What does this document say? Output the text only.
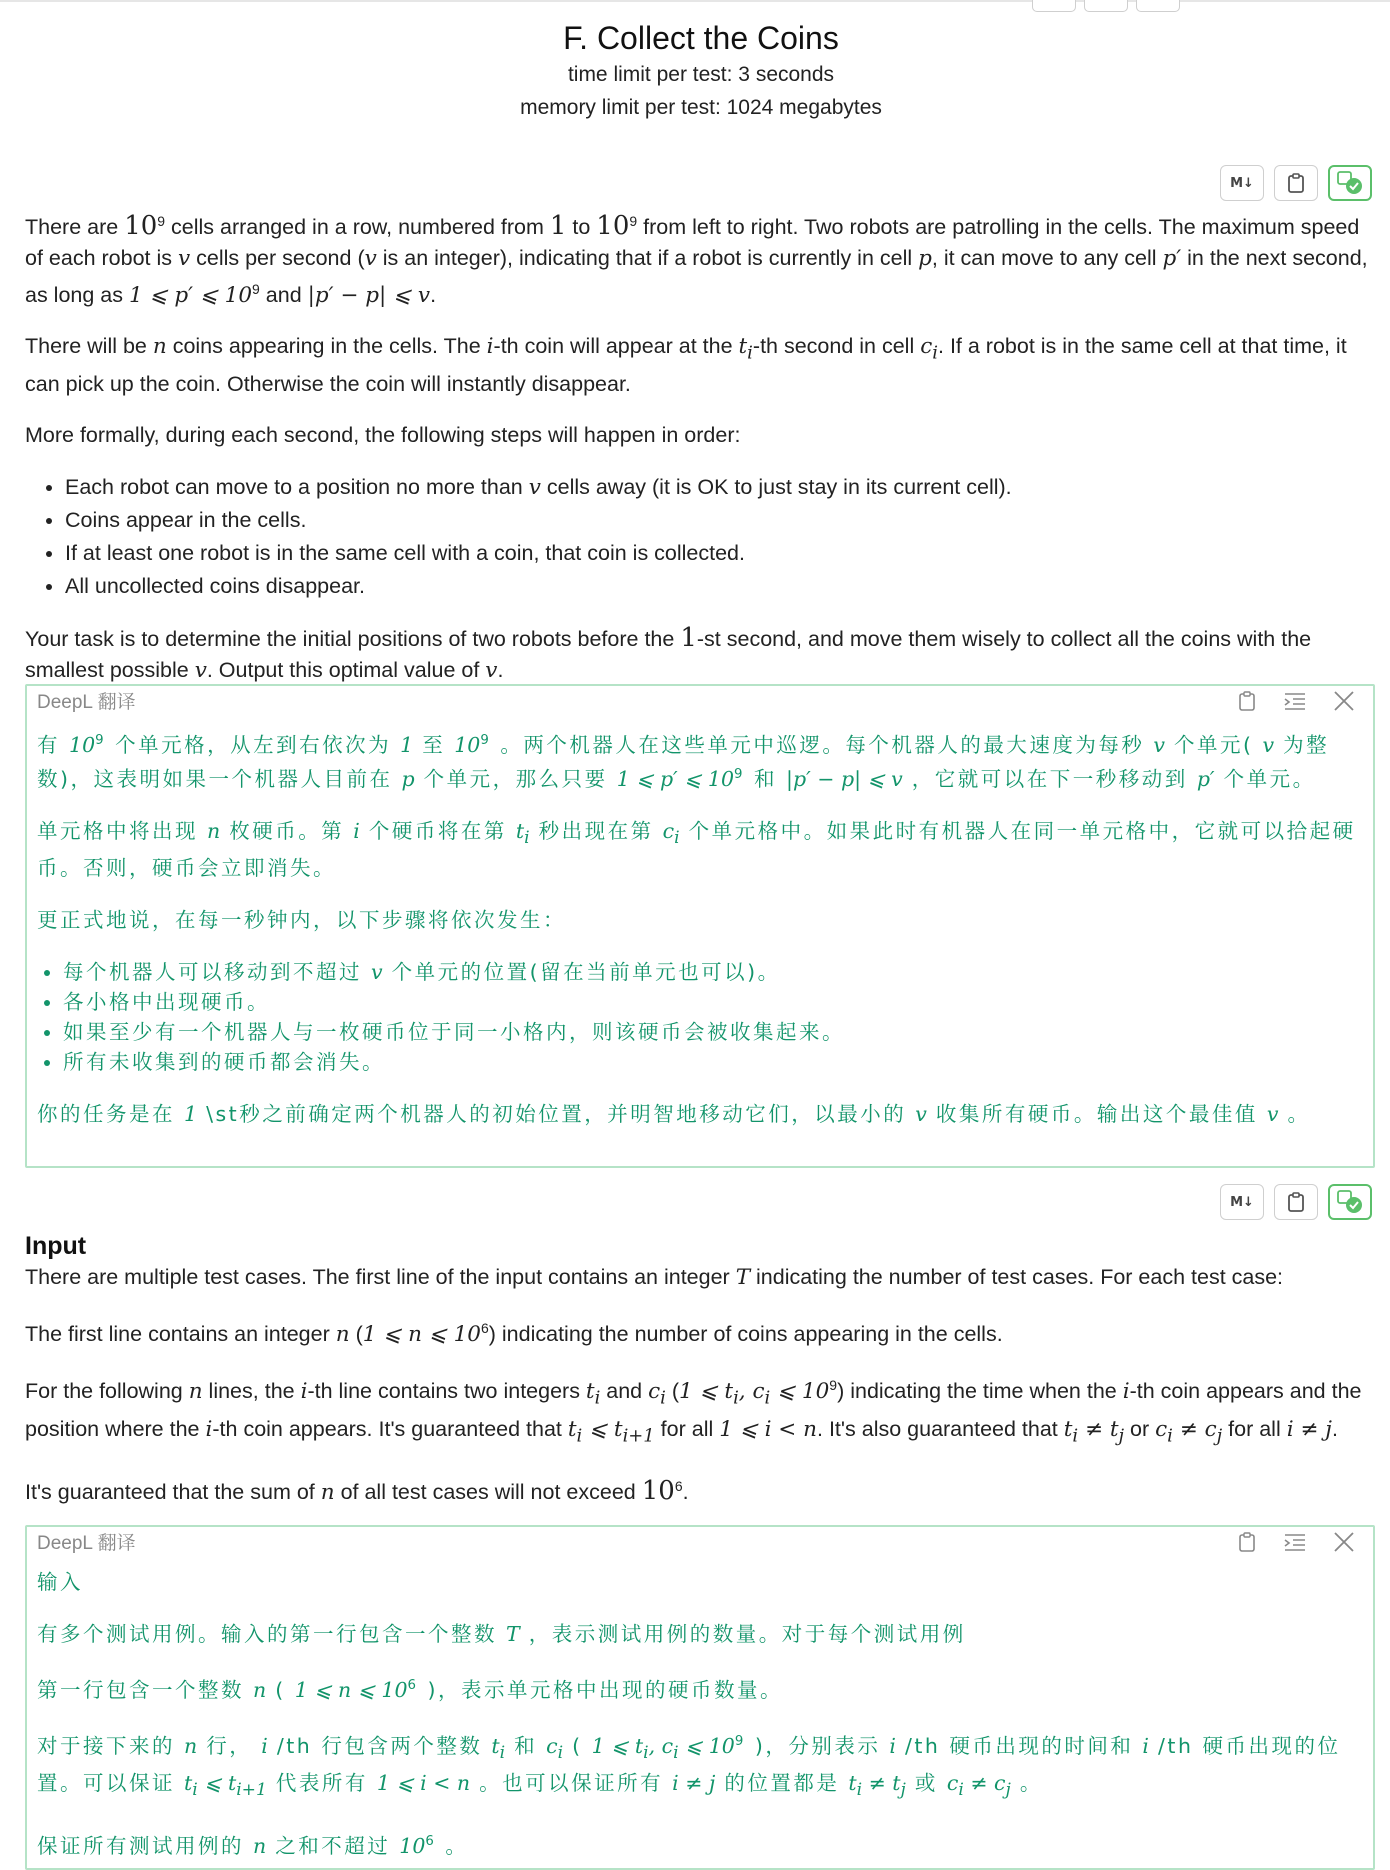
F. Collect the Coins
time limit per test: 3 seconds
memory limit per test: 1024 megabytes
M↓

There are $10^9$ cells arranged in a row, numbered from 1 to $10^9$ from left to right. Two robots are patrolling in the cells. The maximum speed of each robot is v cells per second (v is an integer), indicating that if a robot is currently in cell p, it can move to any cell p′ in the next second, as long as 1 ⩽ p′ ⩽ $10^9$ and |p′ − p| ⩽ v.

There will be n coins appearing in the cells. The i-th coin will appear at the $t_i-th$ second in cell $c_i$. If a robot is in the same cell at that time, it can pick up the coin. Otherwise the coin will instantly disappear.

More formally, during each second, the following steps will happen in order:

• Each robot can move to a position no more than v cells away (it is OK to just stay in its current cell).
• Coins appear in the cells.
• If at least one robot is in the same cell with a coin, that coin is collected.
• All uncollected coins disappear.

Your task is to determine the initial positions of two robots before the 1-st second, and move them wisely to collect all the coins with the smallest possible v. Output this optimal value of v.

DeepL 翻译

有 $10^9$ 个单元格，从左到右依次为 1 至 $10^9$ 。两个机器人在这些单元中巡逻。每个机器人的最大速度为每秒 v 个单元( v 为整数)，这表明如果一个机器人目前在 p 个单元，那么只要 1 ⩽ p′ ⩽ $10^9$ 和 |p′ − p| ⩽ v ，它就可以在下一秒移动到 p′ 个单元。

单元格中将出现 n 枚硬币。第 i 个硬币将在第 $t_i$ 秒出现在第 $c_i$ 个单元格中。如果此时有机器人在同一单元格中，它就可以拾起硬币。否则，硬币会立即消失。

更正式地说，在每一秒钟内，以下步骤将依次发生：

• 每个机器人可以移动到不超过 v 个单元的位置(留在当前单元也可以)。
• 各小格中出现硬币。
• 如果至少有一个机器人与一枚硬币位于同一小格内，则该硬币会被收集起来。
• 所有未收集到的硬币都会消失。

你的任务是在 1 \st秒之前确定两个机器人的初始位置，并明智地移动它们，以最小的 v 收集所有硬币。输出这个最佳值 v 。

M↓
Input

There are multiple test cases. The first line of the input contains an integer T indicating the number of test cases. For each test case:

The first line contains an integer n (1 ⩽ n ⩽ $10^6$) indicating the number of coins appearing in the cells.

For the following n lines, the i-th line contains two integers $t_i$ and $c_i$ (1 ⩽ $t_i$, $c_i$ ⩽ $10^9$) indicating the time when the i-th coin appears and the position where the i-th coin appears. It's guaranteed that $t_i$ ⩽ $t_{i+1}$ for all 1 ⩽ i < n. It's also guaranteed that $t_i \ne t_j$ or $c_i \ne c_j$ for all i ≠ j.

It's guaranteed that the sum of n of all test cases will not exceed $10^6$.

DeepL 翻译

输入

有多个测试用例。输入的第一行包含一个整数 T ，表示测试用例的数量。对于每个测试用例

第一行包含一个整数 n ( 1 ⩽ n ⩽ $10^6$ )，表示单元格中出现的硬币数量。

对于接下来的 n 行， i /th 行包含两个整数 $t_i$ 和 $c_i$ ( 1 ⩽ $t_i$, $c_i$ ⩽ $10^9$ )，分别表示 i /th 硬币出现的时间和 i /th 硬币出现的位置。可以保证 $t_i$ ⩽ $t_{i+1}$ 代表所有 1 ⩽ i < n 。也可以保证所有 i ≠ j 的位置都是 $t_i \ne t_j$ 或 $c_i \ne c_j$ 。

保证所有测试用例的 n 之和不超过 $10^6$ 。
